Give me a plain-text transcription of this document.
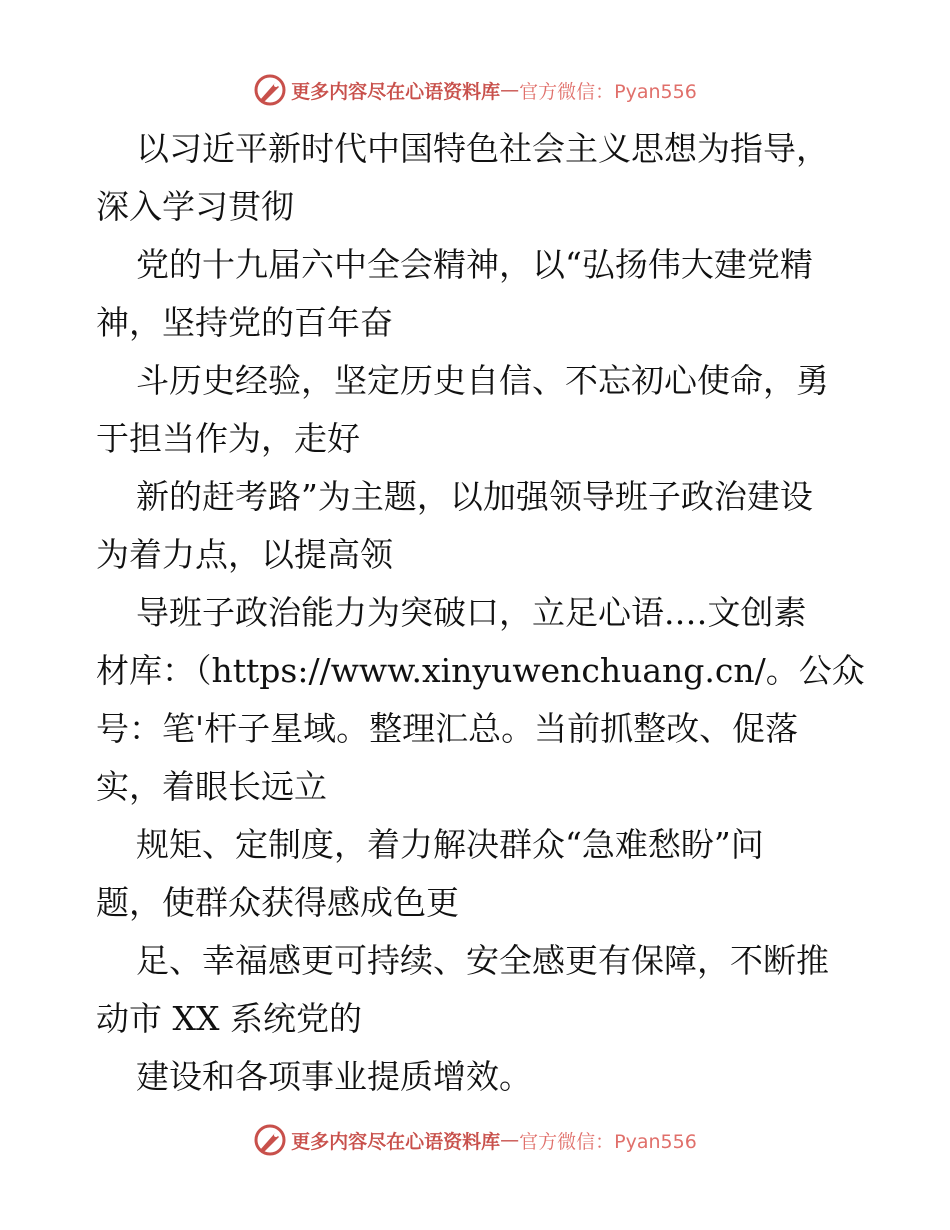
更多内容尽在心语资料库 — 官方微信：Pyan556
以习近平新时代中国特色社会主义思想为指导，
深入学习贯彻
党的十九届六中全会精神，以“弘扬伟大建党精
神，坚持党的百年奋
斗历史经验，坚定历史自信、不忘初心使命，勇
于担当作为，走好
新的赶考路”为主题，以加强领导班子政治建设
为着力点，以提高领
导班子政治能力为突破口，立足心语.…文创素
材库：（https://www.xinyuwenchuang.cn/。公众
号：笔'杆子星域。整理汇总。当前抓整改、促落
实，着眼长远立
规矩、定制度，着力解决群众“急难愁盼”问
题，使群众获得感成色更
足、幸福感更可持续、安全感更有保障，不断推
动市 XX 系统党的
建设和各项事业提质增效。
更多内容尽在心语资料库 — 官方微信：Pyan556
